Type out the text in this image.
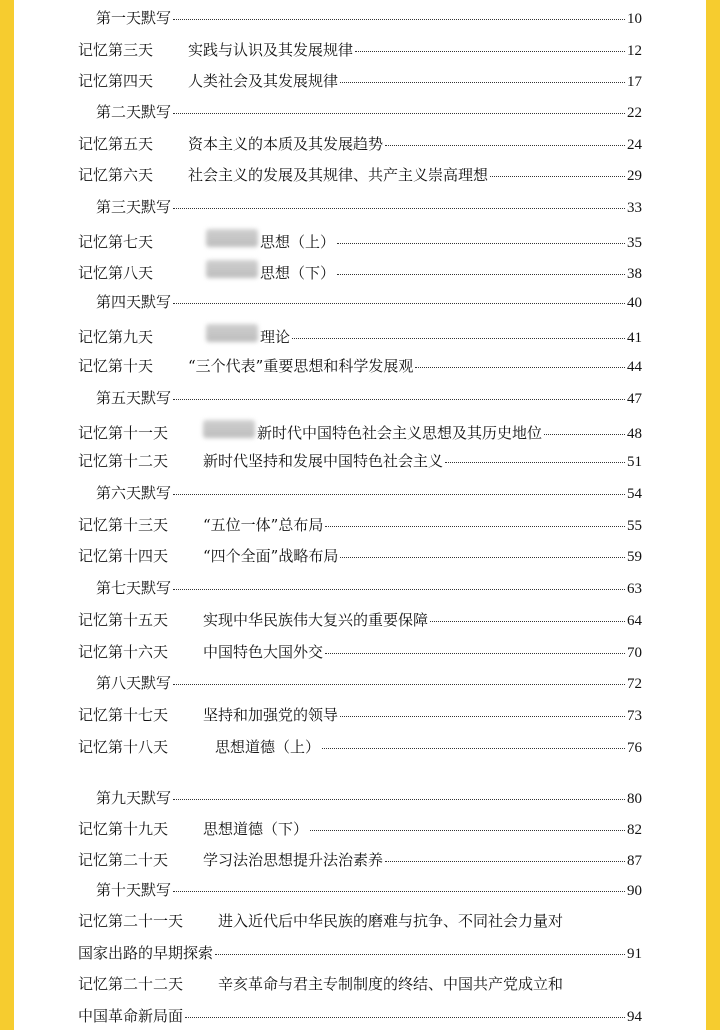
第一天默写	10
记忆第三天	实践与认识及其发展规律	12
记忆第四天	人类社会及其发展规律	17
第二天默写	22
记忆第五天	资本主义的本质及其发展趋势	24
记忆第六天	社会主义的发展及其规律、共产主义崇高理想	29
第三天默写	33
记忆第七天	思想（上）	35
记忆第八天	思想（下）	38
第四天默写	40
记忆第九天	理论	41
记忆第十天	“三个代表”重要思想和科学发展观	44
第五天默写	47
记忆第十一天	新时代中国特色社会主义思想及其历史地位	48
记忆第十二天	新时代坚持和发展中国特色社会主义	51
第六天默写	54
记忆第十三天	“五位一体”总布局	55
记忆第十四天	“四个全面”战略布局	59
第七天默写	63
记忆第十五天	实现中华民族伟大复兴的重要保障	64
记忆第十六天	中国特色大国外交	70
第八天默写	72
记忆第十七天	坚持和加强党的领导	73
记忆第十八天	思想道德（上）	76
第九天默写	80
记忆第十九天	思想道德（下）	82
记忆第二十天	学习法治思想提升法治素养	87
第十天默写	90
记忆第二十一天 进入近代后中华民族的磨难与抗争、不同社会力量对
国家出路的早期探索	91
记忆第二十二天 辛亥革命与君主专制制度的终结、中国共产党成立和
中国革命新局面	94
